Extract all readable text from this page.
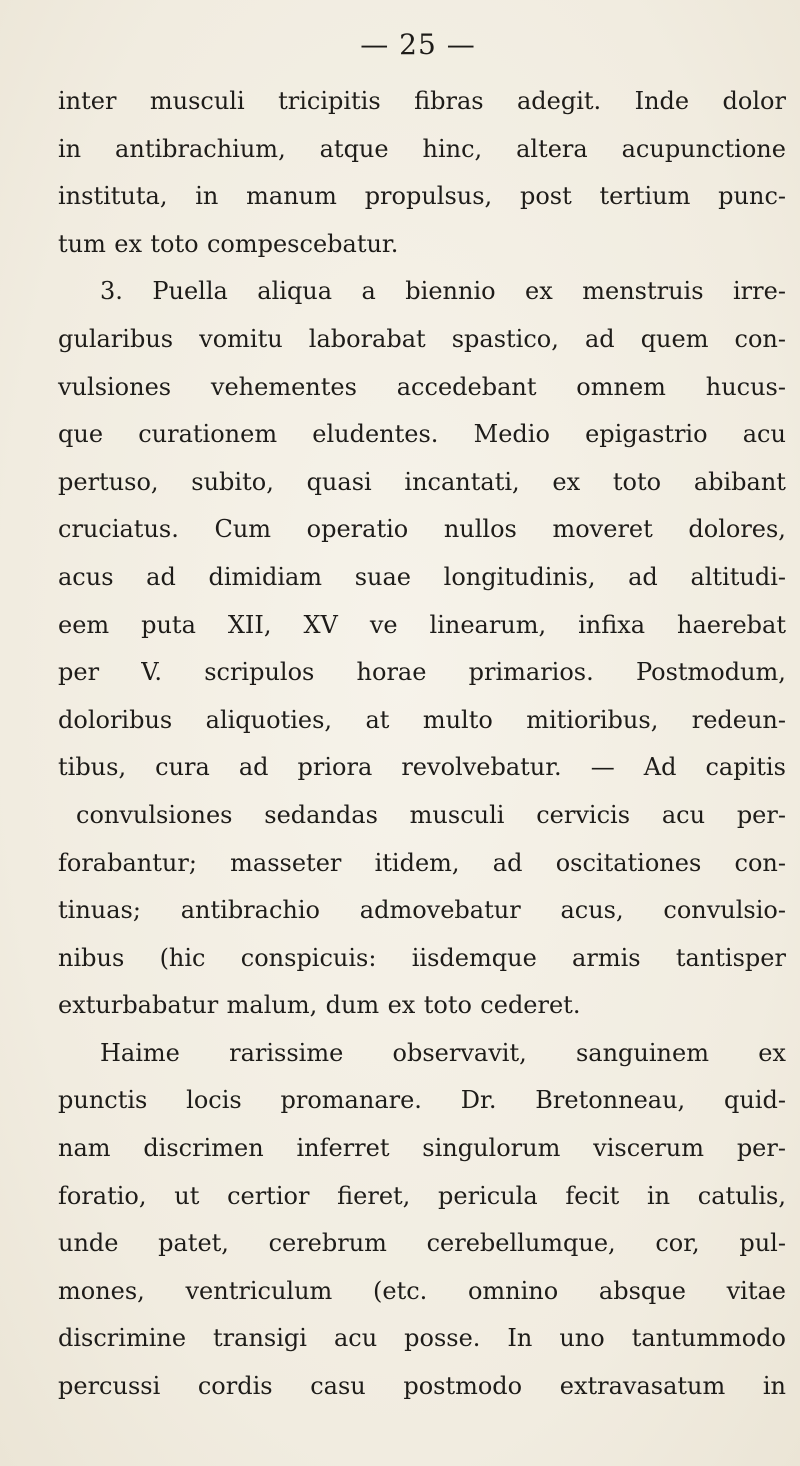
— 25 —
inter musculi tricipitis fibras adegit. Inde dolor
in antibrachium, atque hinc, altera acupunctione
instituta, in manum propulsus, post tertium punc-
tum ex toto compescebatur.
3. Puella aliqua a biennio ex menstruis irre-
gularibus vomitu laborabat spastico, ad quem con-
vulsiones vehementes accedebant omnem hucus-
que curationem eludentes. Medio epigastrio acu
pertuso, subito, quasi incantati, ex toto abibant
cruciatus. Cum operatio nullos moveret dolores,
acus ad dimidiam suae longitudinis, ad altitudi-
eem puta XII, XV ve linearum, infixa haerebat
per V. scripulos horae primarios. Postmodum,
doloribus aliquoties, at multo mitioribus, redeun-
tibus, cura ad priora revolvebatur. — Ad capitis
convulsiones sedandas musculi cervicis acu per-
forabantur; masseter itidem, ad oscitationes con-
tinuas; antibrachio admovebatur acus, convulsio-
nibus (hic conspicuis: iisdemque armis tantisper
exturbabatur malum, dum ex toto cederet.
Haime rarissime observavit, sanguinem ex
punctis locis promanare. Dr. Bretonneau, quid-
nam discrimen inferret singulorum viscerum per-
foratio, ut certior fieret, pericula fecit in catulis,
unde patet, cerebrum cerebellumque, cor, pul-
mones, ventriculum (etc. omnino absque vitae
discrimine transigi acu posse. In uno tantummodo
percussi cordis casu postmodo extravasatum in
